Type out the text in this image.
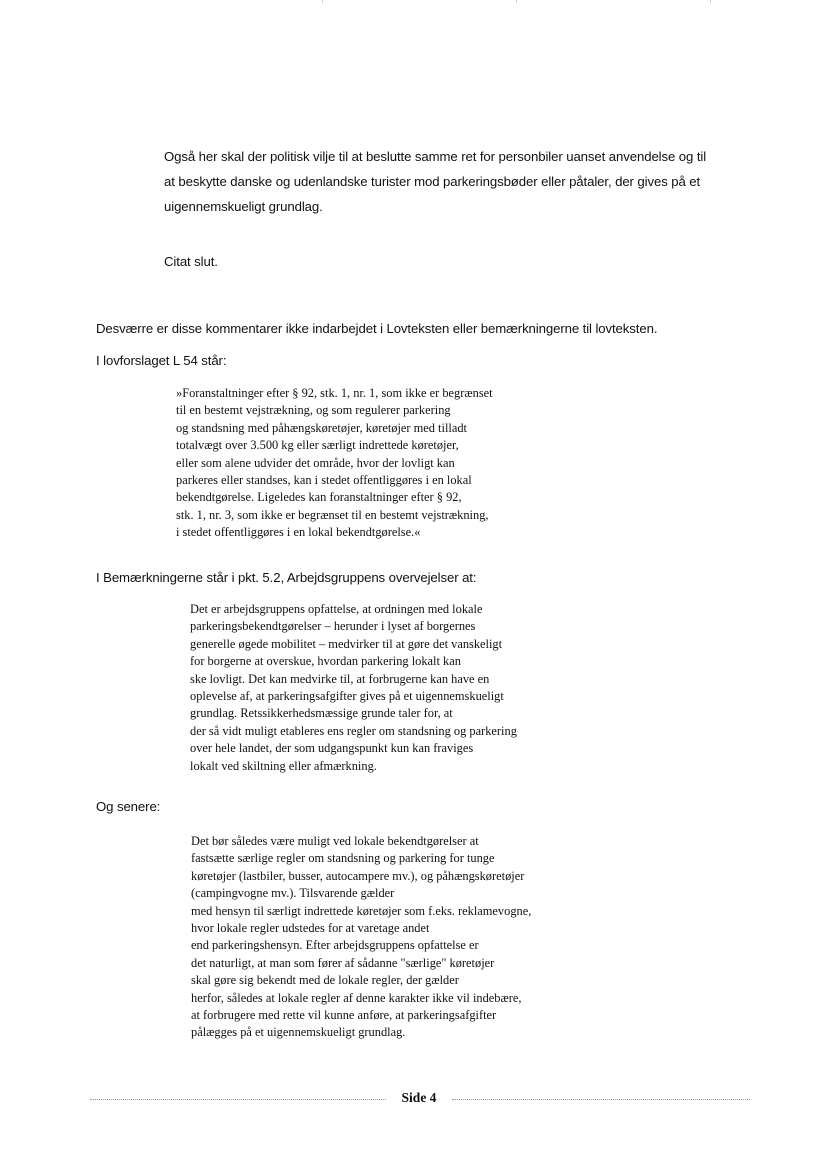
Også her skal der politisk vilje til at beslutte samme ret for personbiler uanset anvendelse og til
at beskytte danske og udenlandske turister mod parkeringsbøder eller påtaler, der gives på et
uigennemskueligt grundlag.
Citat slut.
Desværre er disse kommentarer ikke indarbejdet i Lovteksten eller bemærkningerne til lovteksten.
I lovforslaget L 54 står:
»Foranstaltninger efter § 92, stk. 1, nr. 1, som ikke er begrænset
til en bestemt vejstrækning, og som regulerer parkering
og standsning med påhængskøretøjer, køretøjer med tilladt
totalvægt over 3.500 kg eller særligt indrettede køretøjer,
eller som alene udvider det område, hvor der lovligt kan
parkeres eller standses, kan i stedet offentliggøres i en lokal
bekendtgørelse. Ligeledes kan foranstaltninger efter § 92,
stk. 1, nr. 3, som ikke er begrænset til en bestemt vejstrækning,
i stedet offentliggøres i en lokal bekendtgørelse.«
I Bemærkningerne står i pkt. 5.2, Arbejdsgruppens overvejelser at:
Det er arbejdsgruppens opfattelse, at ordningen med lokale
parkeringsbekendtgørelser – herunder i lyset af borgernes
generelle øgede mobilitet – medvirker til at gøre det vanskeligt
for borgerne at overskue, hvordan parkering lokalt kan
ske lovligt. Det kan medvirke til, at forbrugerne kan have en
oplevelse af, at parkeringsafgifter gives på et uigennemskueligt
grundlag. Retssikkerhedsmæssige grunde taler for, at
der så vidt muligt etableres ens regler om standsning og parkering
over hele landet, der som udgangspunkt kun kan fraviges
lokalt ved skiltning eller afmærkning.
Og senere:
Det bør således være muligt ved lokale bekendtgørelser at
fastsætte særlige regler om standsning og parkering for tunge
køretøjer (lastbiler, busser, autocampere mv.), og påhængskøretøjer
(campingvogne mv.). Tilsvarende gælder
med hensyn til særligt indrettede køretøjer som f.eks. reklamevogne,
hvor lokale regler udstedes for at varetage andet
end parkeringshensyn. Efter arbejdsgruppens opfattelse er
det naturligt, at man som fører af sådanne "særlige" køretøjer
skal gøre sig bekendt med de lokale regler, der gælder
herfor, således at lokale regler af denne karakter ikke vil indebære,
at forbrugere med rette vil kunne anføre, at parkeringsafgifter
pålægges på et uigennemskueligt grundlag.
Side 4
